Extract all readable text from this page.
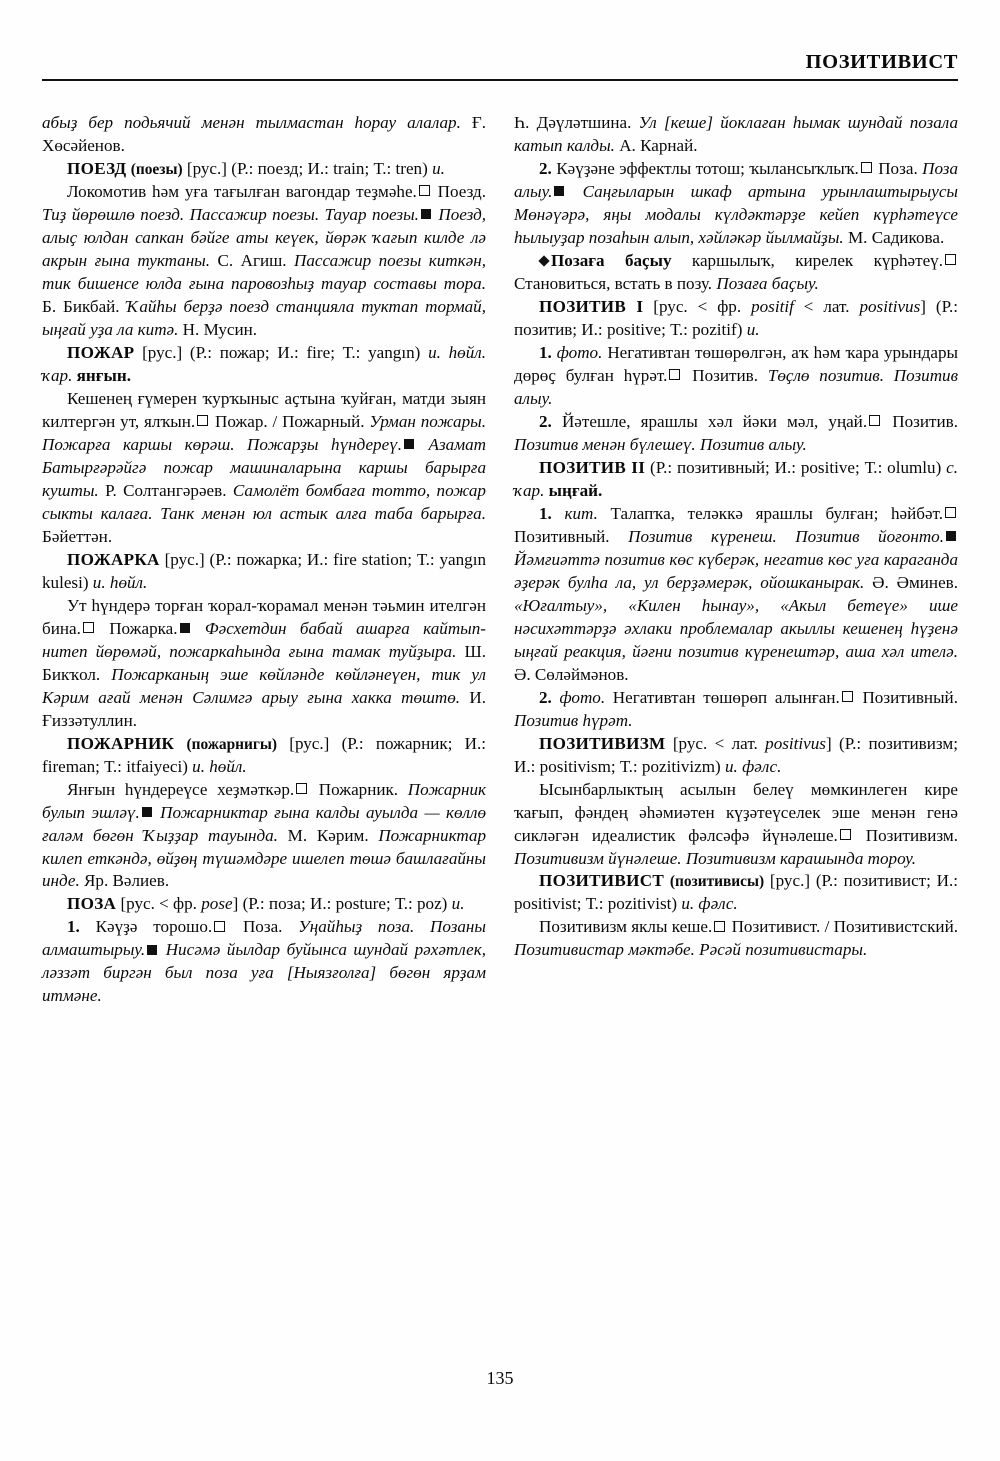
ПОЗИТИВИСТ

абыҙ бер подьячий менән тылмастан һорау алалар. Ғ. Хөсәйенов.

ПОЕЗД (поезы) [рус.] (Р.: поезд; И.: train; Т.: tren) и.

Локомотив һәм уға тағылған вагондар теҙмәһе. Поезд. Тиҙ йөрөшлө поезд. Пассажир поезы. Тауар поезы. Поезд, алыҫ юлдан сапкан бәйге аты кеүек, йөрәк ҡағып килде лә акрын ғына туктаны. С. Агиш. Пассажир поезы киткән, тик бишенсе юлда ғына паровозһыҙ тауар составы тора. Б. Бикбай. Ҡайһы берҙә поезд станцияла туктап тормай, ыңғай уҙа ла китә. Н. Мусин.

ПОЖАР [рус.] (Р.: пожар; И.: fire; Т.: yangın) и. һөйл. ҡар. янғын.

Кешенең ғүмерен ҡурҡыныс аҫтына ҡуйған, матди зыян килтергән ут, ялҡын. Пожар. / Пожарный. Урман пожары. Пожарға каршы көрәш. Пожарҙы һүндереү. Азамат Батырғәрәйгә пожар машиналарына каршы барырға кушты. Р. Солтангәрәев. Самолёт бомбаға тотто, пожар сыкты калаға. Танк менән юл астык алға таба барырға. Бәйеттән.

ПОЖАРКА [рус.] (Р.: пожарка; И.: fire station; Т.: yangın kulesi) и. һөйл.

Ут һүндерә торған ҡорал-ҡорамал менән тәьмин ителгән бина. Пожарка. Фәсхетдин бабай ашарға кайтып-нитеп йөрөмәй, пожаркаһында ғына тамак туйҙыра. Ш. Бикҡол. Пожарканың эше көйләнде көйләнеүен, тик ул Кәрим ағай менән Сәлимгә арыу ғына хакка төштө. И. Ғиззәтуллин.

ПОЖАРНИК (пожарнигы) [рус.] (Р.: пожарник; И.: fireman; Т.: itfaiyeci) и. һөйл.

Янғын һүндереүсе хеҙмәткәр. Пожарник. Пожарник булып эшләү. Пожарниктар ғына калды ауылда — көллө ғаләм бөгөн Ҡыҙҙар тауында. М. Кәрим. Пожарниктар килеп еткәндә, өйҙөң түшәмдәре ишелеп төшә башлағайны инде. Яр. Вәлиев.

ПОЗА [рус. < фр. pose] (Р.: поза; И.: posture; Т.: poz) и.

1. Кәүҙә торошо. Поза. Уңайһыҙ поза. Позаны алмаштырыу. Нисәмә йылдар буйынса шундай рәхәтлек, ләззәт биргән был поза уға [Ныязғолға] бөгөн ярҙам итмәне.

Һ. Дәүләтшина. Ул [кеше] йоклаған һымак шундай позала катып калды. А. Карнай.

2. Кәүҙәне эффектлы тотош; ҡылансыҡлыҡ. Поза. Поза алыу. Саңғыларын шкаф артына урынлаштырыусы Мөнәүәрә, яңы модалы күлдәктәрҙе кейеп күрһәтеүсе һылыуҙар позаһын алып, хәйләкәр йылмайҙы. М. Садикова.

Позаға баҫыу каршылыҡ, кирелек күрһәтеү. Становиться, встать в позу. Позаға баҫыу.

ПОЗИТИВ I [рус. < фр. positif < лат. positivus] (Р.: позитив; И.: positive; Т.: pozitif) и.

1. фото. Негативтан төшөрөлгән, аҡ һәм ҡара урындары дөрөҫ булған һүрәт. Позитив. Төҫлө позитив. Позитив алыу.

2. Йәтешле, ярашлы хәл йәки мәл, уңай. Позитив. Позитив менән бүлешеү. Позитив алыу.

ПОЗИТИВ II (Р.: позитивный; И.: positive; Т.: olumlu) с. ҡар. ыңғай.

1. кит. Талапҡа, теләккә ярашлы булған; һәйбәт. Позитивный. Позитив күренеш. Позитив йоғонто. Йәмғиәттә позитив көс күберәк, негатив көс уға караганда әҙерәк булһа ла, ул берҙәмерәк, ойошканырак. Ә. Әминев. «Юғалтыу», «Килен һынау», «Акыл бетеүе» ише нәсихәттәрҙә әхлаки проблемалар акыллы кешенең һүҙенә ыңғай реакция, йәғни позитив күренештәр, аша хәл ителә. Ә. Сөләймәнов.

2. фото. Негативтан төшөрөп алынған. Позитивный. Позитив һүрәт.

ПОЗИТИВИЗМ [рус. < лат. positivus] (Р.: позитивизм; И.: positivism; Т.: pozitivizm) и. фәлс.

Ысынбарлыктың асылын белеү мөмкинлеген кире ҡағып, фәндең әһәмиәтен күҙәтеүселек эше менән генә сикләгән идеалистик фәлсәфә йүнәлеше. Позитивизм. Позитивизм йүнәлеше. Позитивизм карашында тороу.

ПОЗИТИВИСТ (позитивисы) [рус.] (Р.: позитивист; И.: positivist; Т.: pozitivist) и. фәлс.

Позитивизм яклы кеше. Позитивист. / Позитивистский. Позитивистар мәктәбе. Рәсәй позитивистары.

135
